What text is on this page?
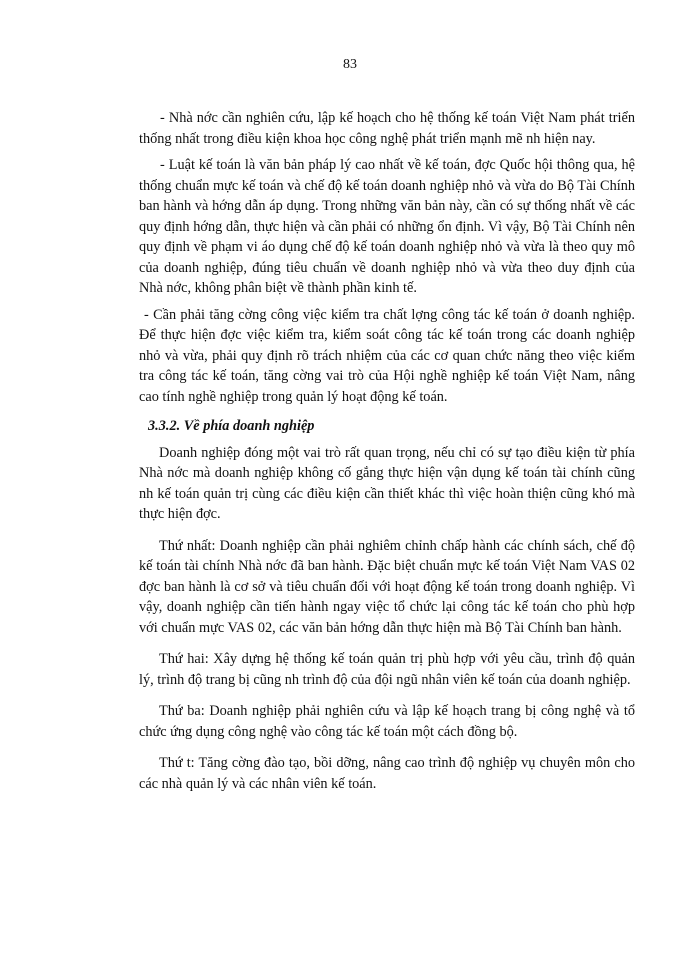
83

- Nhà nớc cần nghiên cứu, lập kế hoạch cho hệ thống kế toán Việt Nam phát triển thống nhất trong điều kiện khoa học công nghệ phát triển mạnh mẽ nh hiện nay.

- Luật kế toán là văn bản pháp lý cao nhất về kế toán, đợc Quốc hội thông qua, hệ thống chuẩn mực kế toán và chế độ kế toán doanh nghiệp nhỏ và vừa do Bộ Tài Chính ban hành và hớng dẫn áp dụng. Trong những văn bản này, cần có sự thống nhất về các quy định hớng dẫn, thực hiện và cần phải có những ổn định. Vì vậy, Bộ Tài Chính nên quy định về phạm vi áo dụng chế độ kế toán doanh nghiệp nhỏ và vừa là theo quy mô của doanh nghiệp, đúng tiêu chuẩn về doanh nghiệp nhỏ và vừa theo duy định của Nhà nớc, không phân biệt về thành phần kinh tế.

- Cần phải tăng cờng công việc kiểm tra chất lợng công tác kế toán ở doanh nghiệp. Để thực hiện đợc việc kiểm tra, kiểm soát công tác kế toán trong các doanh nghiệp nhỏ và vừa, phải quy định rõ trách nhiệm của các cơ quan chức năng theo việc kiểm tra công tác kế toán, tăng cờng vai trò của Hội nghề nghiệp kế toán Việt Nam, nâng cao tính nghề nghiệp trong quản lý hoạt động kế toán.

3.3.2. Về phía doanh nghiệp

Doanh nghiệp đóng một vai trò rất quan trọng, nếu chỉ có sự tạo điều kiện từ phía Nhà nớc mà doanh nghiệp không cố gắng thực hiện vận dụng kế toán tài chính cũng nh kế toán quản trị cùng các điều kiện cần thiết khác thì việc hoàn thiện cũng khó mà thực hiện đợc.

Thứ nhất: Doanh nghiệp cần phải nghiêm chỉnh chấp hành các chính sách, chế độ kế toán tài chính Nhà nớc đã ban hành. Đặc biệt chuẩn mực kế toán Việt Nam VAS 02 đợc ban hành là cơ sở và tiêu chuẩn đối với hoạt động kế toán trong doanh nghiệp. Vì vậy, doanh nghiệp cần tiến hành ngay việc tổ chức lại công tác kế toán cho phù hợp với chuẩn mực VAS 02, các văn bản hớng dẫn thực hiện mà Bộ Tài Chính ban hành.

Thứ hai: Xây dựng hệ thống kế toán quản trị phù hợp với yêu cầu, trình độ quản lý, trình độ trang bị cũng nh trình độ của đội ngũ nhân viên kế toán của doanh nghiệp.

Thứ ba: Doanh nghiệp phải nghiên cứu và lập kế hoạch trang bị công nghệ và tổ chức ứng dụng công nghệ vào công tác kế toán một cách đồng bộ.

Thứ t: Tăng cờng đào tạo, bồi dỡng, nâng cao trình độ nghiệp vụ chuyên môn cho các nhà quản lý và các nhân viên kế toán.
